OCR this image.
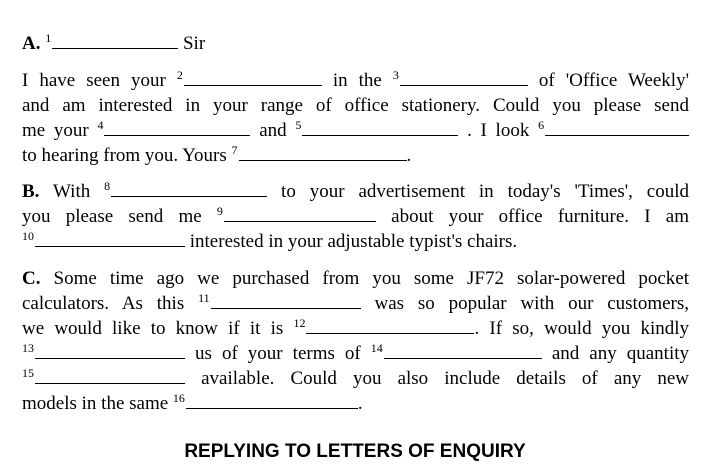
A. $^1$	Sir
I have seen your $^2$	in the $^3$	of 'Office Weekly'
and am interested in your range of office stationery. Could you please send
me your $^4$	and $^5$	. I look $^6$
to hearing from you. Yours $^7$	.
B. With $^8$	to your advertisement in today's 'Times', could
you please send me $^9$	about your office furniture. I am
$^{10}$	interested in your adjustable typist's chairs.
C. Some time ago we purchased from you some JF72 solar-powered pocket
calculators. As this $^{11}$	was so popular with our customers,
we would like to know if it is $^{12}$	. If so, would you kindly
$^{13}$	us of your terms of $^{14}$	and any quantity
$^{15}$	available. Could you also include details of any new
models in the same $^{16}$	.
REPLYING TO LETTERS OF ENQUIRY
